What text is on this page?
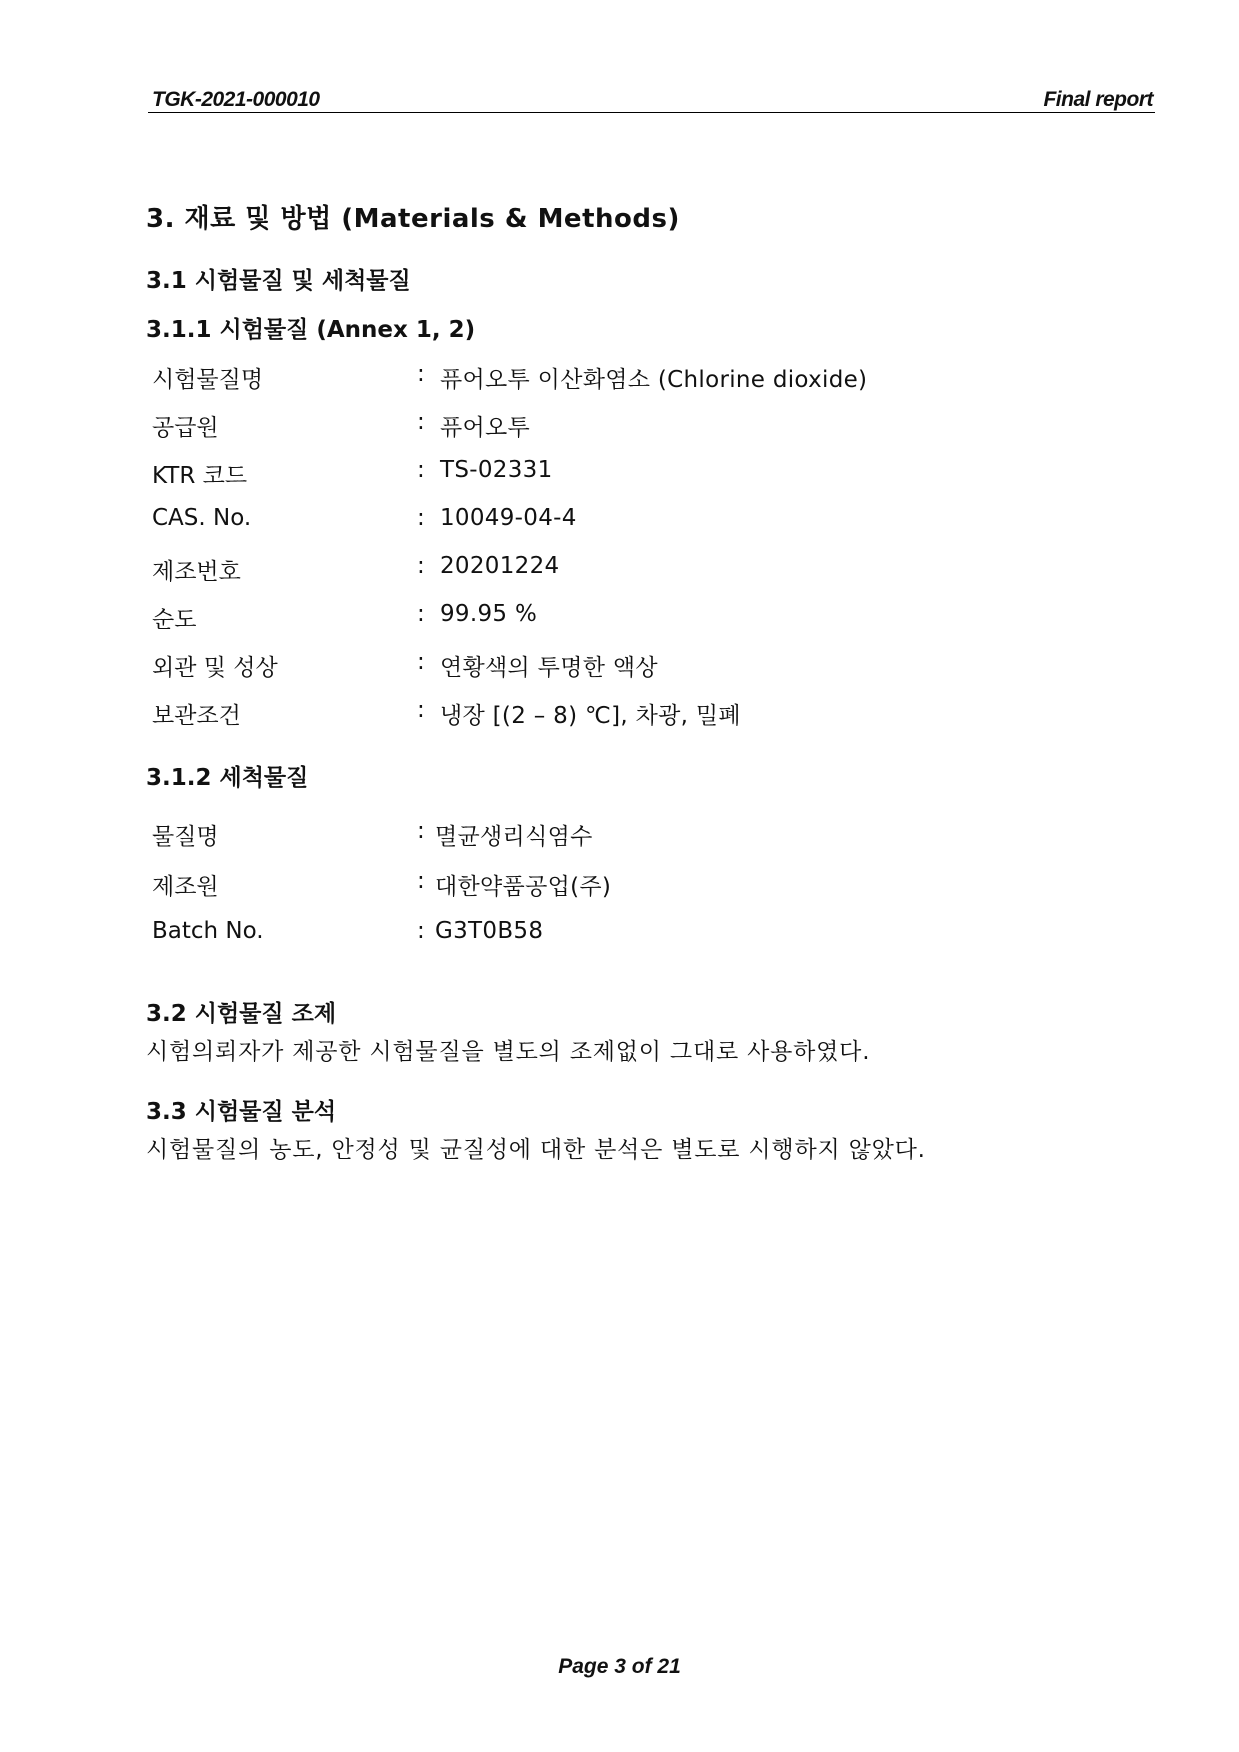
TGK-2021-000010	Final report
3. 재료 및 방법 (Materials & Methods)
3.1 시험물질 및 세척물질
3.1.1 시험물질 (Annex 1, 2)
시험물질명	: 퓨어오투 이산화염소 (Chlorine dioxide)
공급원	: 퓨어오투
KTR 코드	: TS-02331
CAS. No.	: 10049-04-4
제조번호	: 20201224
순도	: 99.95 %
외관 및 성상	: 연황색의 투명한 액상
보관조건	: 냉장 [(2 – 8) ℃], 차광, 밀폐
3.1.2 세척물질
물질명	: 멸균생리식염수
제조원	: 대한약품공업(주)
Batch No.	: G3T0B58
3.2 시험물질 조제
시험의뢰자가 제공한 시험물질을 별도의 조제없이 그대로 사용하였다.
3.3 시험물질 분석
시험물질의 농도, 안정성 및 균질성에 대한 분석은 별도로 시행하지 않았다.
Page 3 of 21
